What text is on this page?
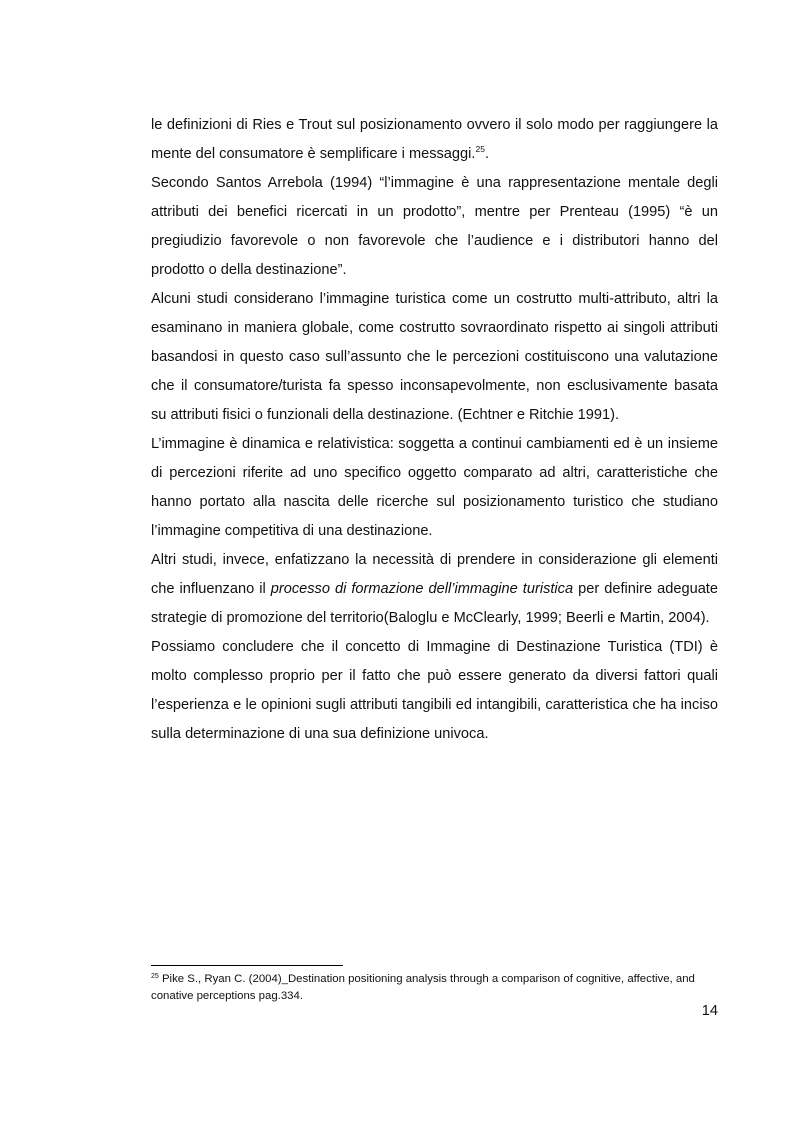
le definizioni di Ries e Trout sul posizionamento ovvero il solo modo per raggiungere la mente del consumatore è semplificare i messaggi.$^{25}$.

Secondo Santos Arrebola (1994) “l’immagine è una rappresentazione mentale degli attributi dei benefici ricercati in un prodotto”, mentre per Prenteau (1995) “è un pregiudizio favorevole o non favorevole che l’audience e i distributori hanno del prodotto o della destinazione”.

Alcuni studi considerano l’immagine turistica come un costrutto multi-attributo, altri la esaminano in maniera globale, come costrutto sovraordinato rispetto ai singoli attributi basandosi in questo caso sull’assunto che le percezioni costituiscono una valutazione che il consumatore/turista fa spesso inconsapevolmente, non esclusivamente basata su attributi fisici o funzionali della destinazione. (Echtner e Ritchie 1991).

L’immagine è dinamica e relativistica: soggetta a continui cambiamenti ed è un insieme di percezioni riferite ad uno specifico oggetto comparato ad altri, caratteristiche che hanno portato alla nascita delle ricerche sul posizionamento turistico che studiano l’immagine competitiva di una destinazione.

Altri studi, invece, enfatizzano la necessità di prendere in considerazione gli elementi che influenzano il processo di formazione dell’immagine turistica per definire adeguate strategie di promozione del territorio(Baloglu e McClearly, 1999; Beerli e Martin, 2004).

Possiamo concludere che il concetto di Immagine di Destinazione Turistica (TDI) è molto complesso proprio per il fatto che può essere generato da diversi fattori quali l’esperienza e le opinioni sugli attributi tangibili ed intangibili, caratteristica che ha inciso sulla determinazione di una sua definizione univoca.

$^{25}$ Pike S., Ryan C. (2004)_Destination positioning analysis through a comparison of cognitive, affective, and conative perceptions pag.334.
14
